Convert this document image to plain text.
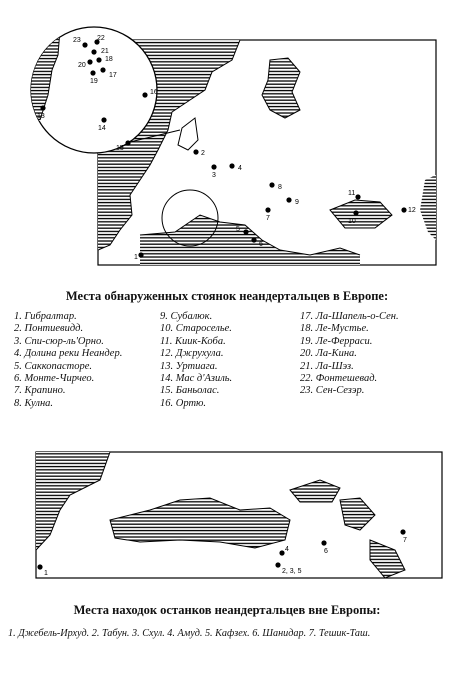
1
2
3
4
5
6
7
8
9
10
11
12
13
14
15
16
17
18
19
20
21
22
23
Места обнаруженных стоянок неандертальцев в Европе:
1. Гибралтар.
2. Понтиевидд.
3. Спи-сюр-ль'Орно.
4. Долина реки Неандер.
5. Саккопасторе.
6. Монте-Чирчео.
7. Крапино.
8. Кулна.
9. Субалюк.
10. Староселье.
11. Киик-Коба.
12. Джрухула.
13. Уртиага.
14. Мас д'Азиль.
15. Баньолас.
16. Ортю.
17. Ла-Шапель-о-Сен.
18. Ле-Мустье.
19. Ле-Ферраси.
20. Ла-Кина.
21. Ла-Шэз.
22. Фонтешевад.
23. Сен-Сезэр.
1
4	6
7
2, 3, 5
Места находок останков неандертальцев вне Европы:
1. Джебель-Ирхуд. 2. Табун. 3. Схул. 4. Амуд. 5. Кафзех. 6. Шанидар. 7. Тешик-Таш.
